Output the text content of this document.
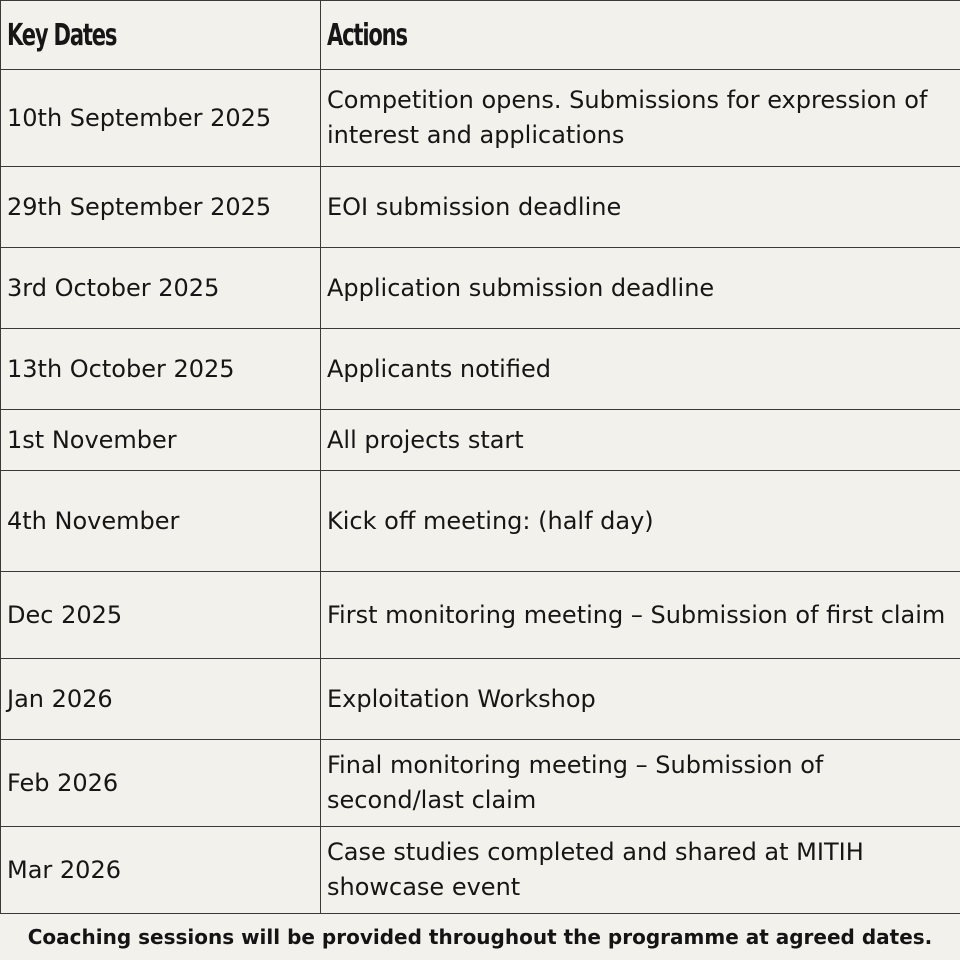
Key Dates	Actions
10th September 2025	Competition opens. Submissions for expression of interest and applications
29th September 2025	EOI submission deadline
3rd October 2025	Application submission deadline
13th October 2025	Applicants notified
1st November	All projects start
4th November	Kick off meeting: (half day)
Dec 2025	First monitoring meeting – Submission of first claim
Jan 2026	Exploitation Workshop
Feb 2026	Final monitoring meeting – Submission of second/last claim
Mar 2026	Case studies completed and shared at MITIH showcase event
Coaching sessions will be provided throughout the programme at agreed dates.
